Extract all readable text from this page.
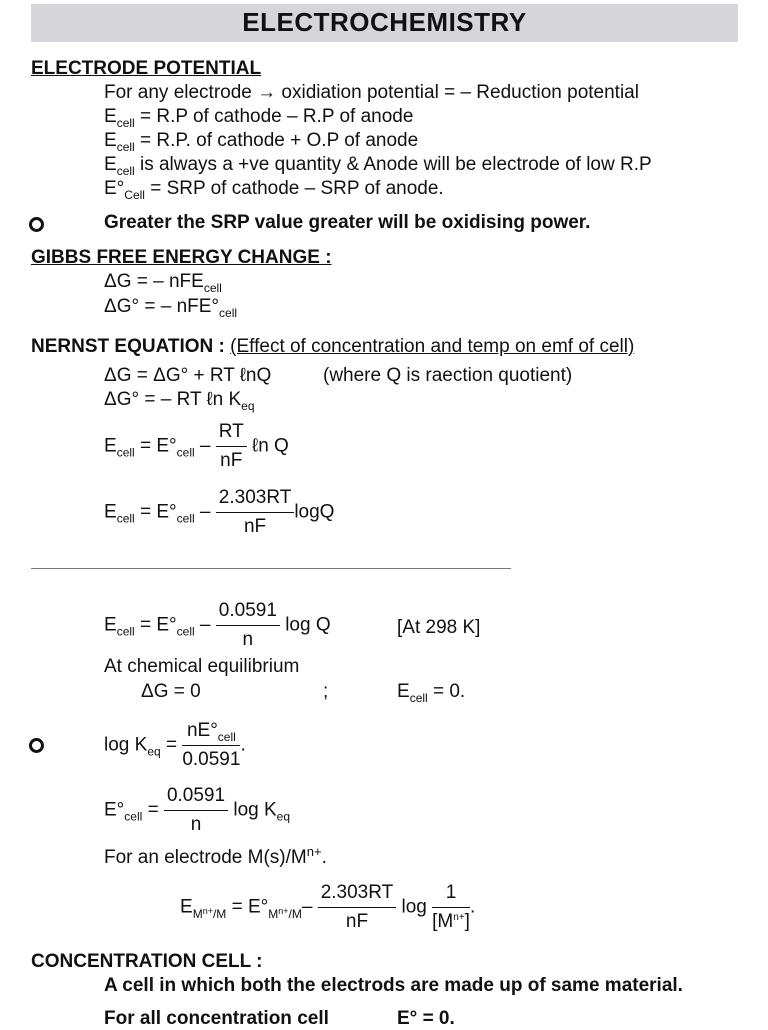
ELECTROCHEMISTRY
ELECTRODE POTENTIAL
For any electrode → oxidiation potential = – Reduction potential
$E_{cell} = R.P$ of cathode – R.P of anode
$E_{cell} = R.P$. of cathode + O.P of anode
$E_{cell}$ is always a +ve quantity & Anode will be electrode of low R.P
$E^\circ_{Cell}$ = SRP of cathode – SRP of anode.
Greater the SRP value greater will be oxidising power.
GIBBS FREE ENERGY CHANGE :
ΔG = – nFE$_{cell}$
ΔG° = – $nFE^\circ_{cell}$
NERNST EQUATION : (Effect of concentration and temp on emf of cell)
ΔG = ΔG° + RT ℓnQ	(where Q is raection quotient)
ΔG° = – RT ℓn $K_{eq}$
$E_{cell} = E^\circ_{cell} - \frac{RT}{nF}$ ℓn Q
$E_{cell} = E^\circ_{cell} - \frac{2.303RT}{nF}$ logQ
$E_{cell} = E^\circ_{cell} - \frac{0.0591}{n}$ log Q	[At 298 K]
At chemical equilibrium
ΔG = 0	;	$E_{cell} = 0$.
$\log K_{eq} = \frac{nE^\circ_{cell}}{0.0591}$ .
$E^\circ_{cell} = \frac{0.0591}{n}$ $\log K_{eq}$
For an electrode $M(s)/M^{n+}$.
$E_{M^{n+}/M} = E^\circ_{M^{n+}/M}- \frac{2.303RT}{nF}$ $\log \frac{1}{[M^{n+}]}$ .
CONCENTRATION CELL :
A cell in which both the electrods are made up of same material.
For all concentration cell	E° = 0.
